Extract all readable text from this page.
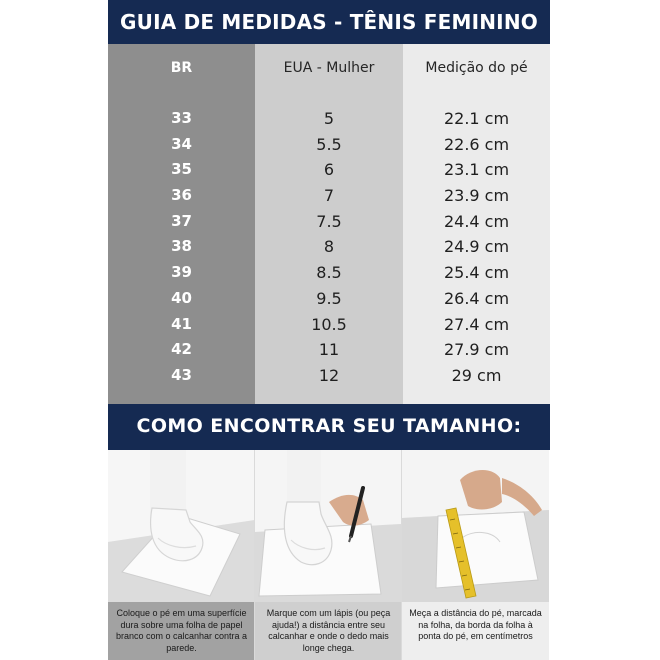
GUIA DE MEDIDAS - TÊNIS FEMININO
BR
33
34
35
36
37
38
39
40
41
42
43
EUA - Mulher
5
5.5
6
7
7.5
8
8.5
9.5
10.5
11
12
Medição do pé
22.1 cm
22.6 cm
23.1 cm
23.9 cm
24.4 cm
24.9 cm
25.4 cm
26.4 cm
27.4 cm
27.9 cm
29 cm
COMO ENCONTRAR SEU TAMANHO:
Coloque o pé em uma superfície dura sobre uma folha de papel branco com o calcanhar contra a parede.
Marque com um lápis (ou peça ajuda!) a distância entre seu calcanhar e onde o dedo mais longe chega.
Meça a distância do pé, marcada na folha, da borda da folha à ponta do pé, em centímetros
